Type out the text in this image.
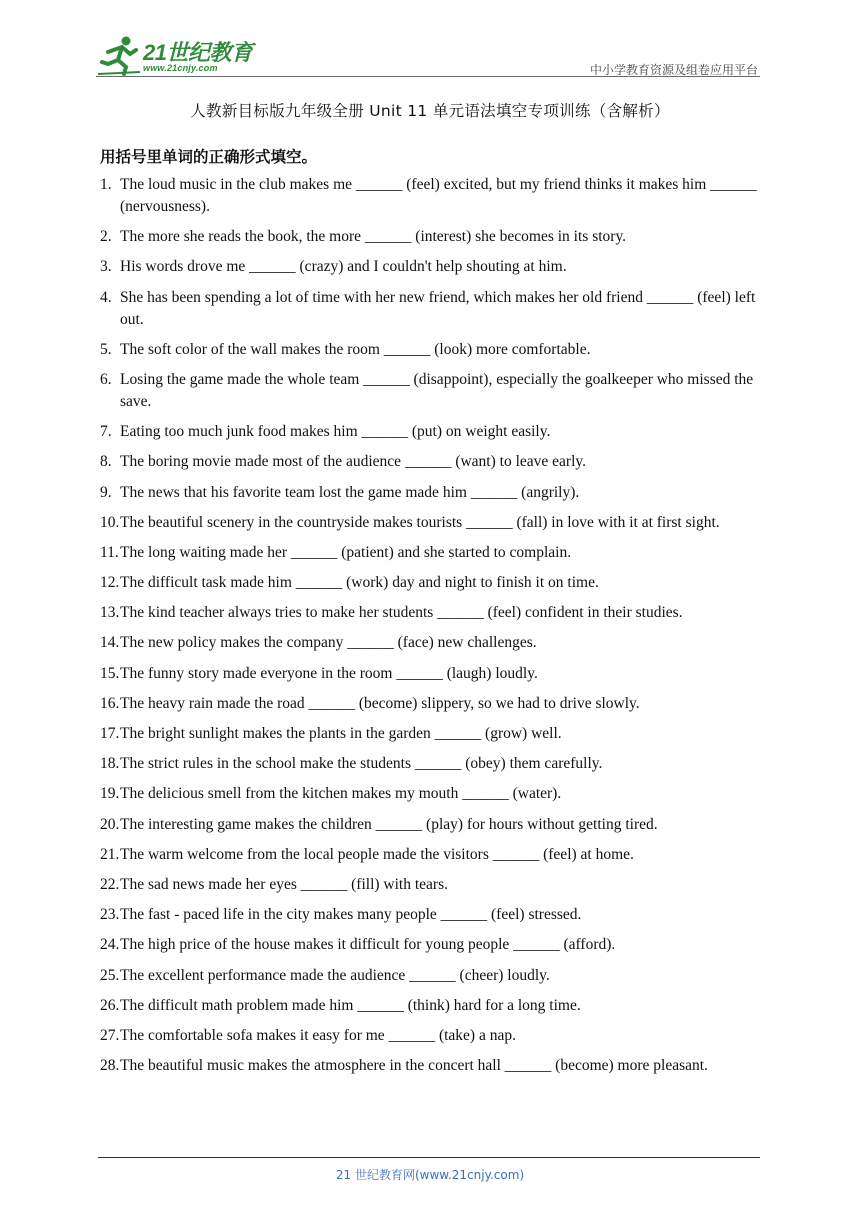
21世纪教育
www.21cnjy.com	中小学教育资源及组卷应用平台
人教新目标版九年级全册 Unit 11 单元语法填空专项训练（含解析）
用括号里单词的正确形式填空。
1. The loud music in the club makes me ______ (feel) excited, but my friend thinks it makes him ______ (nervousness).
2. The more she reads the book, the more ______ (interest) she becomes in its story.
3. His words drove me ______ (crazy) and I couldn't help shouting at him.
4. She has been spending a lot of time with her new friend, which makes her old friend ______ (feel) left out.
5. The soft color of the wall makes the room ______ (look) more comfortable.
6. Losing the game made the whole team ______ (disappoint), especially the goalkeeper who missed the save.
7. Eating too much junk food makes him ______ (put) on weight easily.
8. The boring movie made most of the audience ______ (want) to leave early.
9. The news that his favorite team lost the game made him ______ (angrily).
10. The beautiful scenery in the countryside makes tourists ______ (fall) in love with it at first sight.
11. The long waiting made her ______ (patient) and she started to complain.
12. The difficult task made him ______ (work) day and night to finish it on time.
13. The kind teacher always tries to make her students ______ (feel) confident in their studies.
14. The new policy makes the company ______ (face) new challenges.
15. The funny story made everyone in the room ______ (laugh) loudly.
16. The heavy rain made the road ______ (become) slippery, so we had to drive slowly.
17. The bright sunlight makes the plants in the garden ______ (grow) well.
18. The strict rules in the school make the students ______ (obey) them carefully.
19. The delicious smell from the kitchen makes my mouth ______ (water).
20. The interesting game makes the children ______ (play) for hours without getting tired.
21. The warm welcome from the local people made the visitors ______ (feel) at home.
22. The sad news made her eyes ______ (fill) with tears.
23. The fast - paced life in the city makes many people ______ (feel) stressed.
24. The high price of the house makes it difficult for young people ______ (afford).
25. The excellent performance made the audience ______ (cheer) loudly.
26. The difficult math problem made him ______ (think) hard for a long time.
27. The comfortable sofa makes it easy for me ______ (take) a nap.
28. The beautiful music makes the atmosphere in the concert hall ______ (become) more pleasant.
21 世纪教育网(www.21cnjy.com)
